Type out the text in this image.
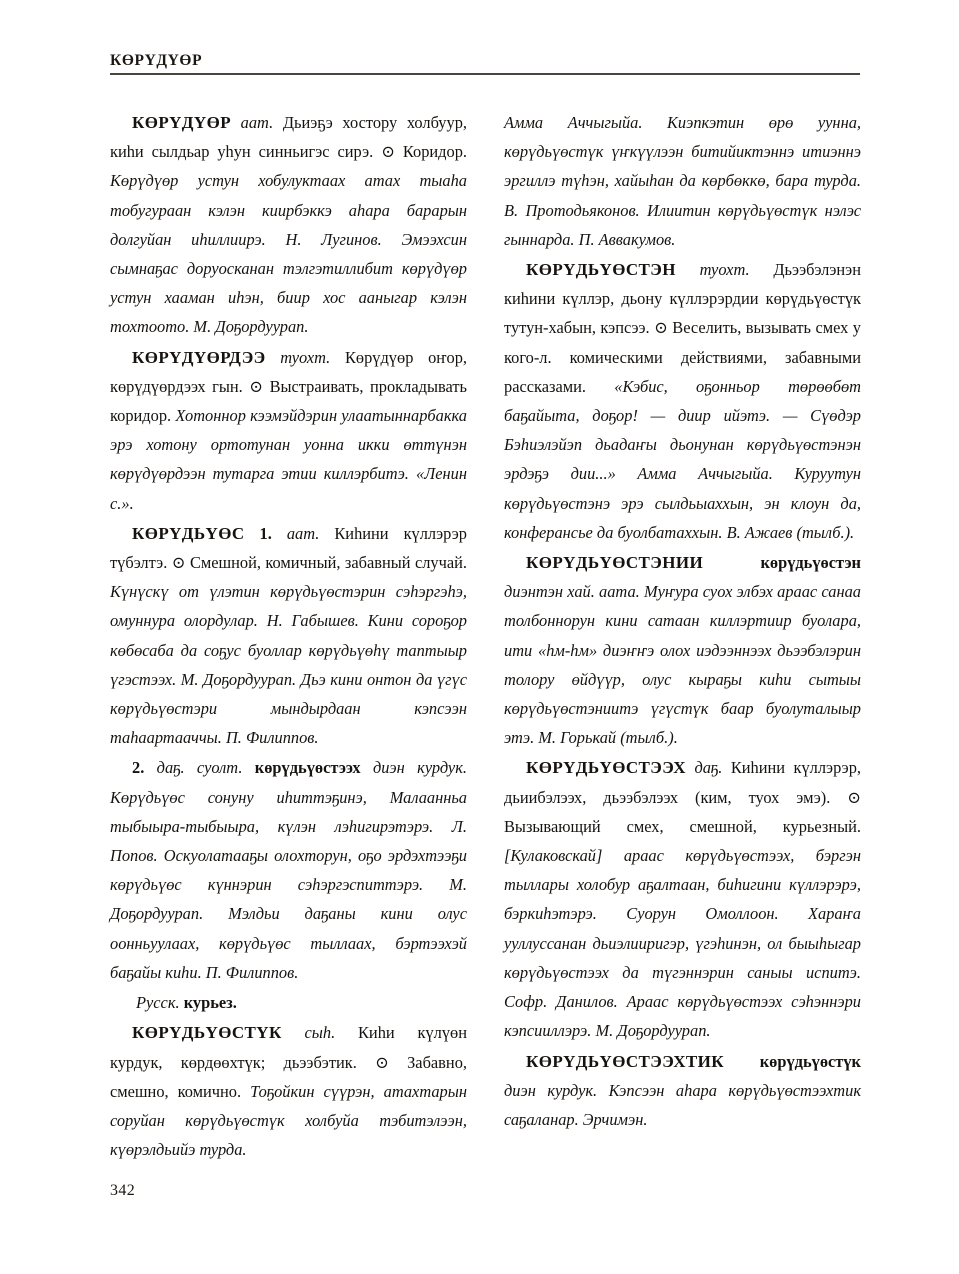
КӨРҮДҮӨР

КӨРҮДҮӨР аат. Дьиэҕэ хостору холбуур, киһи сылдьар уһун синньигэс сирэ. ⊙ Коридор. Көрүдүөр устун хобулуктаах атах тыаһа тобугураан кэлэн киирбэккэ аһара барарын долгуйан иһиллиирэ. Н. Лугинов. Эмээхсин сымнаҕас доруосканан тэлгэтиллибит көрүдүөр устун хааман иһэн, биир хос ааныгар кэлэн тохтоото. М. Доҕордуурап.

КӨРҮДҮӨРДЭЭ туохт. Көрүдүөр оҥор, көрүдүөрдээх гын. ⊙ Выстраивать, прокладывать коридор. Хотоннор кээмэйдэрин улаатыннарбакка эрэ хотону ортотунан уонна икки өттүнэн көрүдүөрдээн тутарга этии киллэрбитэ. «Ленин с.».

КӨРҮДЬҮӨС 1. аат. Киһини күллэрэр түбэлтэ. ⊙ Смешной, комичный, забавный случай. Күнүскү от үлэтин көрүдьүөстэрин сэһэргэһэ, омуннура олордулар. Н. Габышев. Кини сороҕор көбөсаба да соҕус буоллар көрүдьүөһү таптыыр үгэстээх. М. Доҕордуурап. Дьэ кини онтон да үгүс көрүдьүөстэри мындырдаан кэпсээн таһаартааччы. П. Филиппов.

2. даҕ. суолт. көрүдьүөстээх диэн курдук. Көрүдьүөс сонуну иһиттэҕинэ, Малаанньа тыбыыра-тыбыыра, күлэн лэһигирэтэрэ. Л. Попов. Оскуолатааҕы олохторун, оҕо эрдэхтээҕи көрүдьүөс күннэрин сэһэргэспиттэрэ. М. Доҕордуурап. Мэлдьи даҕаны кини олус оонньуулаах, көрүдьүөс тыллаах, бэртээхэй баҕайы киһи. П. Филиппов.

Русск. курьез.

КӨРҮДЬҮӨСТҮК сыһ. Киһи күлүөн курдук, көрдөөхтүк; дьээбэтик. ⊙ Забавно, смешно, комично. Тоҕойкин сүүрэн, атахтарын соруйан көрүдьүөстүк холбуйа тэбитэлээн, күөрэлдьийэ турда.

Амма Аччыгыйа. Киэпкэтин өрө уунна, көрүдьүөстүк үҥкүүлээн битийиктэннэ итиэннэ эргиллэ түһэн, хайыһан да көрбөккө, бара турда. В. Протодьяконов. Илиитин көрүдьүөстүк нэлэс гыннарда. П. Аввакумов.

КӨРҮДЬҮӨСТЭН туохт. Дьээбэлэнэн киһини күллэр, дьону күллэрэрдии көрүдьүөстүк тутун-хабын, кэпсээ. ⊙ Веселить, вызывать смех у кого-л. комическими действиями, забавными рассказами. «Кэбис, оҕонньор төрөөбөт баҕайыта, доҕор! — диир ийэтэ. — Сүөдэр Бэһиэлэйэп дьадаҥы дьонунан көрүдьүөстэнэн эрдэҕэ дии...» Амма Аччыгыйа. Куруутун көрүдьүөстэнэ эрэ сылдьыаххын, эн клоун да, конферансье да буолбатаххын. В. Ажаев (тылб.).

КӨРҮДЬҮӨСТЭНИИ	көрүдьүөстэн диэнтэн хай. аата. Муҥура суох элбэх араас санаа толбоннорун кини сатаан киллэртиир буолара, ити «һм-һм» диэҥҥэ олох иэдээннээх дьээбэлэрин толору өйдүүр, олус кыраҕы киһи сытыы көрүдьүөстэниитэ үгүстүк баар буолуталыыр этэ. М. Горькай (тылб.).

КӨРҮДЬҮӨСТЭЭХ даҕ. Киһини күллэрэр, дьиибэлээх, дьээбэлээх (ким, туох эмэ). ⊙ Вызывающий смех, смешной, курьезный. [Кулаковскай] араас көрүдьүөстээх, бэргэн тыллары холобур аҕалтаан, биһигини күллэрэрэ, бэркиһэтэрэ. Суорун Омоллоон. Хараҥа ууллуссанан дьиэлииригэр, үгэһинэн, ол быыһыгар көрүдьүөстээх да түгэннэрин саныы испитэ. Софр. Данилов. Араас көрүдьүөстээх сэһэннэри кэпсииллэрэ. М. Доҕордуурап.

КӨРҮДЬҮӨСТЭЭХТИК көрүдьүөстүк диэн курдук. Кэпсээн аһара көрүдьүөстээхтик саҕаланар. Эрчимэн.

342
